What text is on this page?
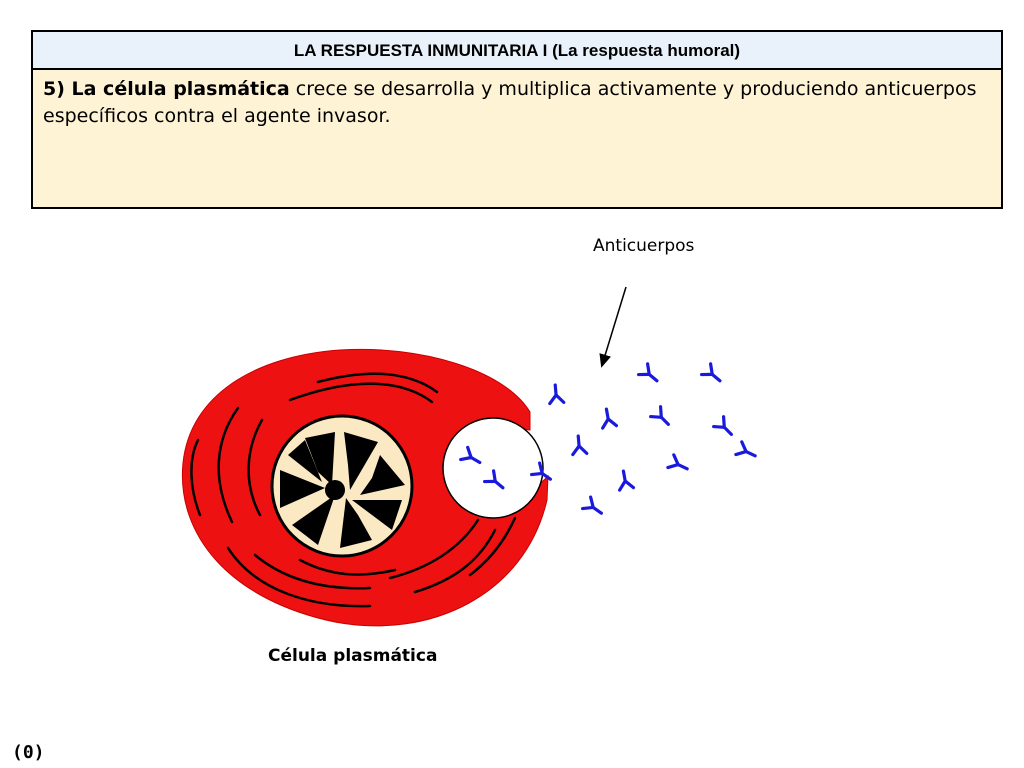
LA RESPUESTA INMUNITARIA I (La respuesta humoral)
5) La célula plasmática crece se desarrolla y multiplica activamente y produciendo anticuerpos específicos contra el agente invasor.
Anticuerpos
Célula plasmática
(0)
